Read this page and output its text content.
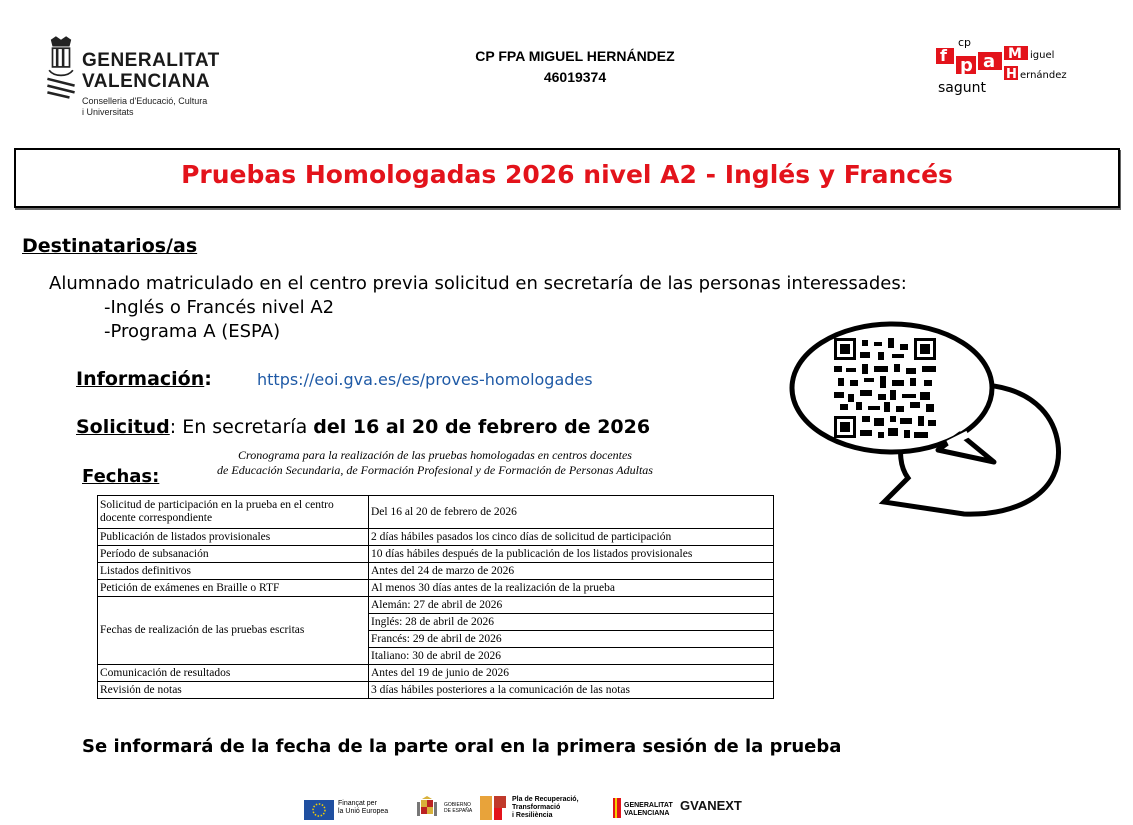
GENERALITAT
VALENCIANA
Conselleria d'Educació, Cultura
i Universitats
CP FPA MIGUEL HERNÁNDEZ
46019374
cp
f p a M iguel
H ernández
sagunt
Pruebas Homologadas 2026 nivel A2 - Inglés y Francés
Destinatarios/as
Alumnado matriculado en el centro previa solicitud en secretaría de las personas interessades:
-Inglés o Francés nivel A2
-Programa A (ESPA)
Información:	https://eoi.gva.es/es/proves-homologades
Solicitud: En secretaría del 16 al 20 de febrero de 2026
Cronograma para la realización de las pruebas homologadas en centros docentes
de Educación Secundaria, de Formación Profesional y de Formación de Personas Adultas
Fechas:
Solicitud de participación en la prueba en el centro docente correspondiente	Del 16 al 20 de febrero de 2026
Publicación de listados provisionales	2 días hábiles pasados los cinco días de solicitud de participación
Período de subsanación	10 días hábiles después de la publicación de los listados provisionales
Listados definitivos	Antes del 24 de marzo de 2026
Petición de exámenes en Braille o RTF	Al menos 30 días antes de la realización de la prueba
Fechas de realización de las pruebas escritas	Alemán: 27 de abril de 2026
	Inglés: 28 de abril de 2026
	Francés: 29 de abril de 2026
	Italiano: 30 de abril de 2026
Comunicación de resultados	Antes del 19 de junio de 2026
Revisión de notas	3 días hábiles posteriores a la comunicación de las notas
Se informará de la fecha de la parte oral en la primera sesión de la prueba
Finançat per
la Unió Europea
GOBIERNO
DE ESPAÑA
Pla de Recuperació,
Transformació
i Resiliència
GENERALITAT
VALENCIANA
GVANEXT
